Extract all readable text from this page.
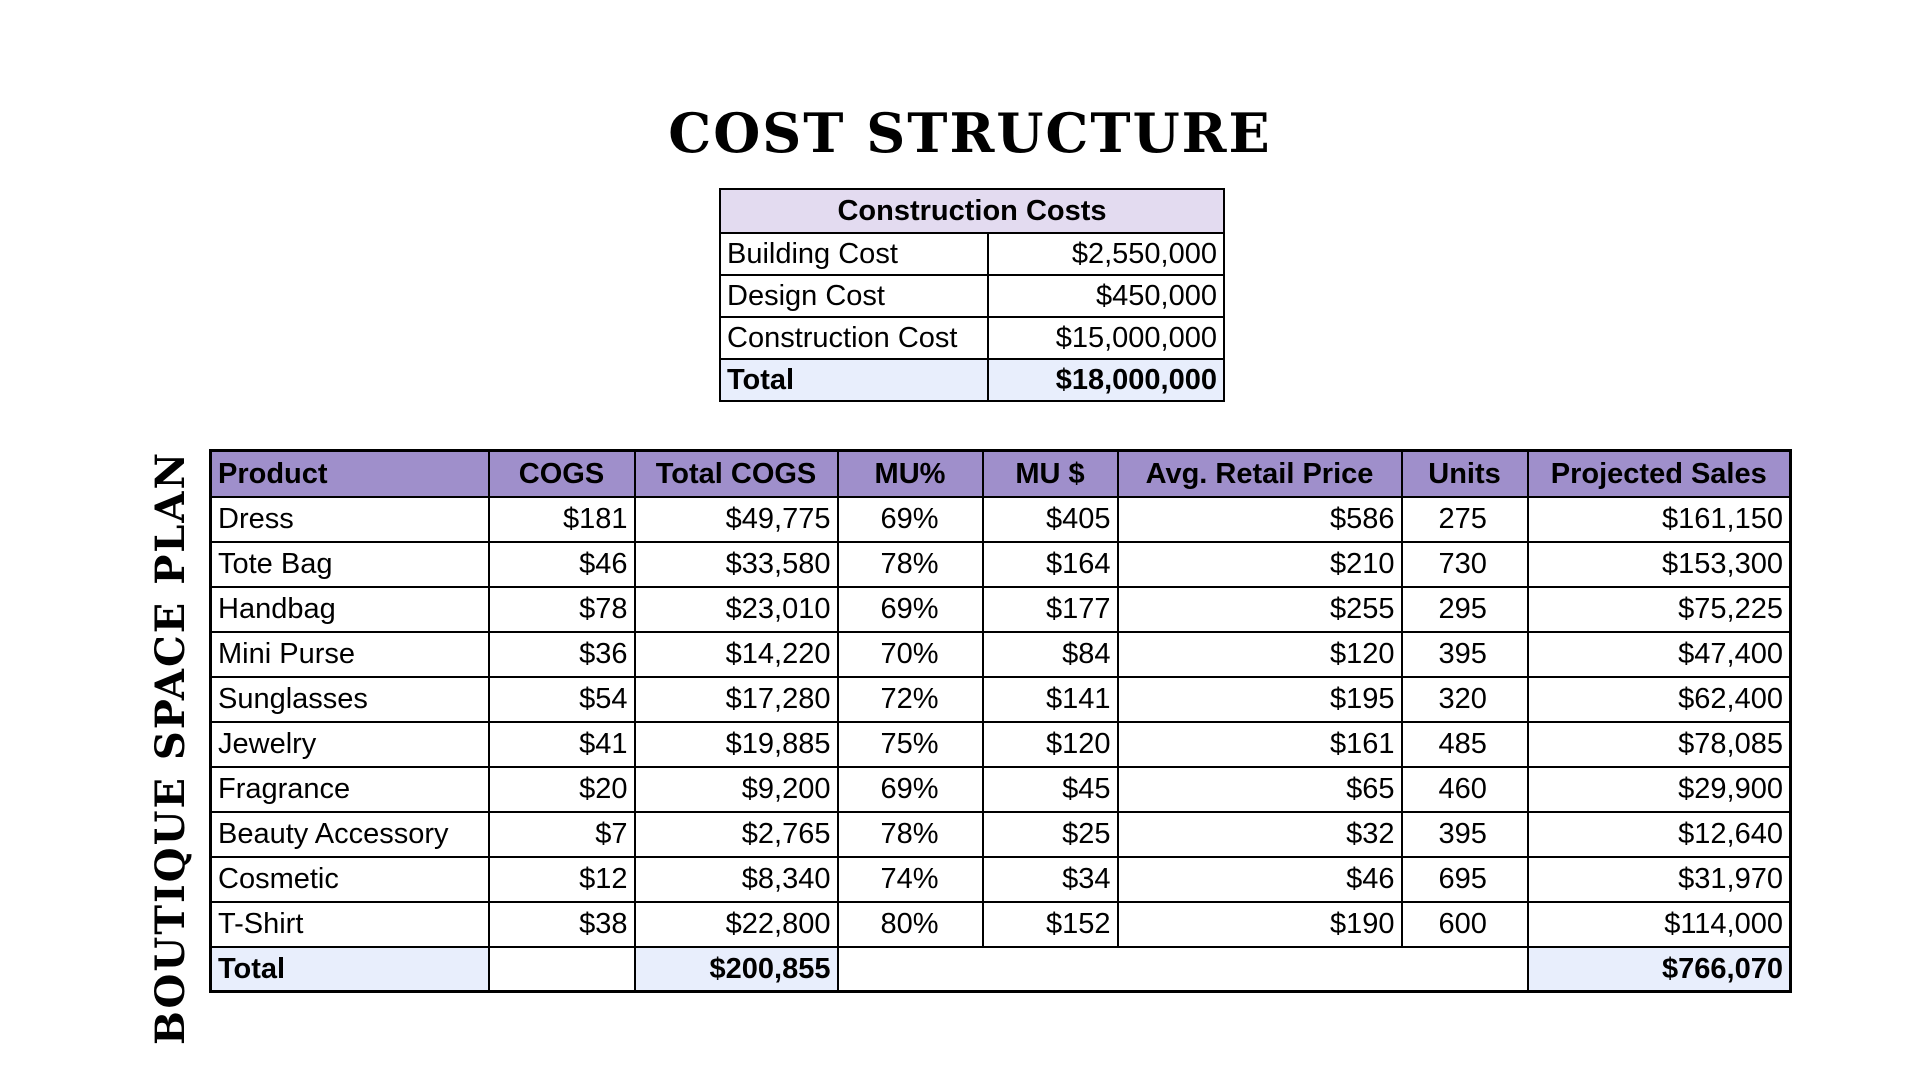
COST STRUCTURE
BOUTIQUE SPACE PLAN
Construction Costs	
Building Cost	$2,550,000
Design Cost	$450,000
Construction Cost	$15,000,000
Total	$18,000,000
Product	COGS	Total COGS	MU%	MU $	Avg. Retail Price	Units	Projected Sales
Dress	$181	$49,775	69%	$405	$586	275	$161,150
Tote Bag	$46	$33,580	78%	$164	$210	730	$153,300
Handbag	$78	$23,010	69%	$177	$255	295	$75,225
Mini Purse	$36	$14,220	70%	$84	$120	395	$47,400
Sunglasses	$54	$17,280	72%	$141	$195	320	$62,400
Jewelry	$41	$19,885	75%	$120	$161	485	$78,085
Fragrance	$20	$9,200	69%	$45	$65	460	$29,900
Beauty Accessory	$7	$2,765	78%	$25	$32	395	$12,640
Cosmetic	$12	$8,340	74%	$34	$46	695	$31,970
T-Shirt	$38	$22,800	80%	$152	$190	600	$114,000
Total		$200,855					$766,070
